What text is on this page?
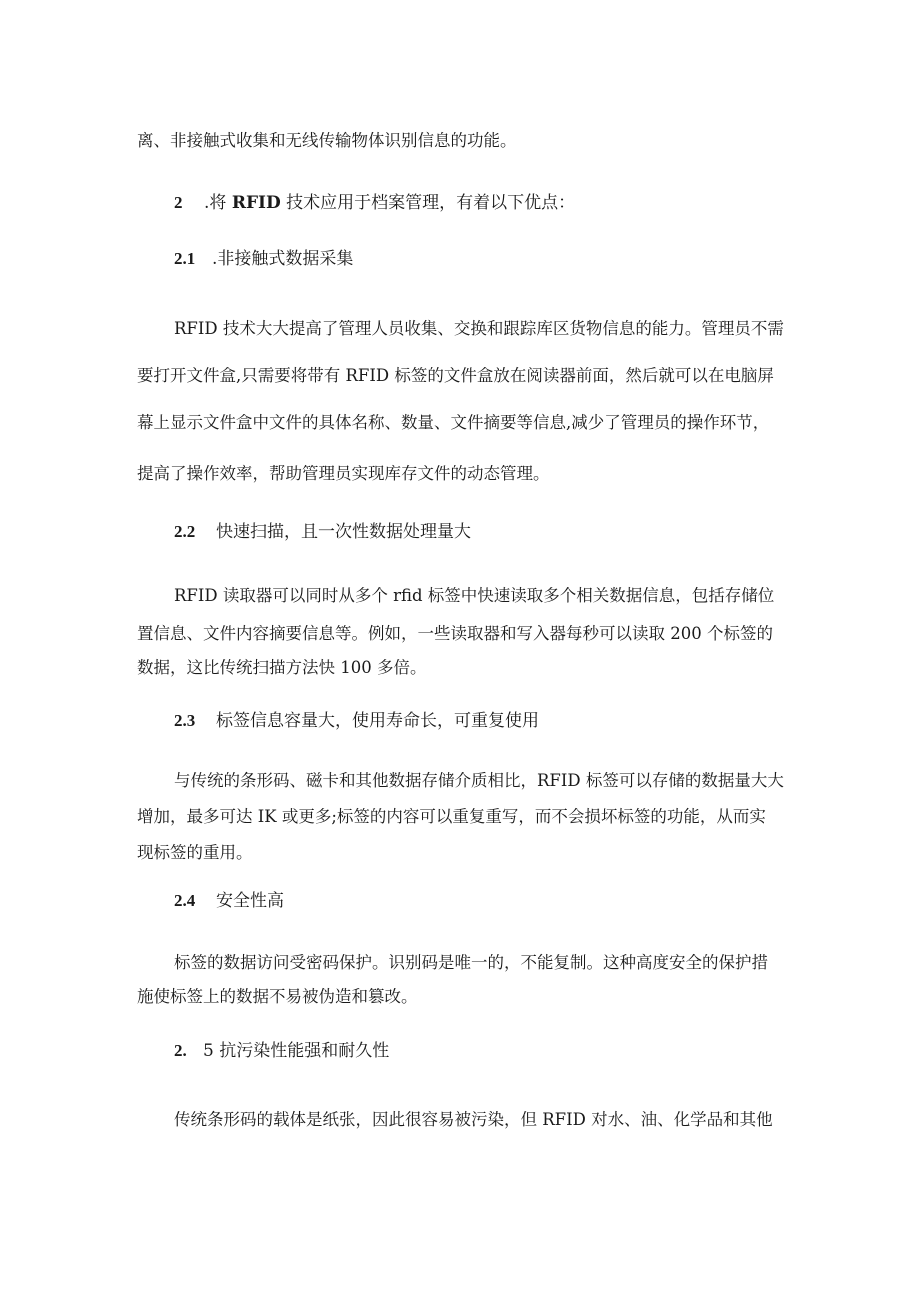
离、非接触式收集和无线传输物体识别信息的功能。
2 .将 RFID 技术应用于档案管理，有着以下优点：
2.1 .非接触式数据采集
RFID 技术大大提高了管理人员收集、交换和跟踪库区货物信息的能力。管理员不需
要打开文件盒,只需要将带有 RFID 标签的文件盒放在阅读器前面，然后就可以在电脑屏
幕上显示文件盒中文件的具体名称、数量、文件摘要等信息,减少了管理员的操作环节，
提高了操作效率，帮助管理员实现库存文件的动态管理。
2.2 快速扫描，且一次性数据处理量大
RFID 读取器可以同时从多个 rfid 标签中快速读取多个相关数据信息，包括存储位
置信息、文件内容摘要信息等。例如，一些读取器和写入器每秒可以读取 200 个标签的
数据，这比传统扫描方法快 100 多倍。
2.3 标签信息容量大，使用寿命长，可重复使用
与传统的条形码、磁卡和其他数据存储介质相比，RFID 标签可以存储的数据量大大
增加，最多可达 IK 或更多;标签的内容可以重复重写，而不会损坏标签的功能，从而实
现标签的重用。
2.4 安全性高
标签的数据访问受密码保护。识别码是唯一的，不能复制。这种高度安全的保护措
施使标签上的数据不易被伪造和篡改。
2. 5 抗污染性能强和耐久性
传统条形码的载体是纸张，因此很容易被污染，但 RFID 对水、油、化学品和其他
